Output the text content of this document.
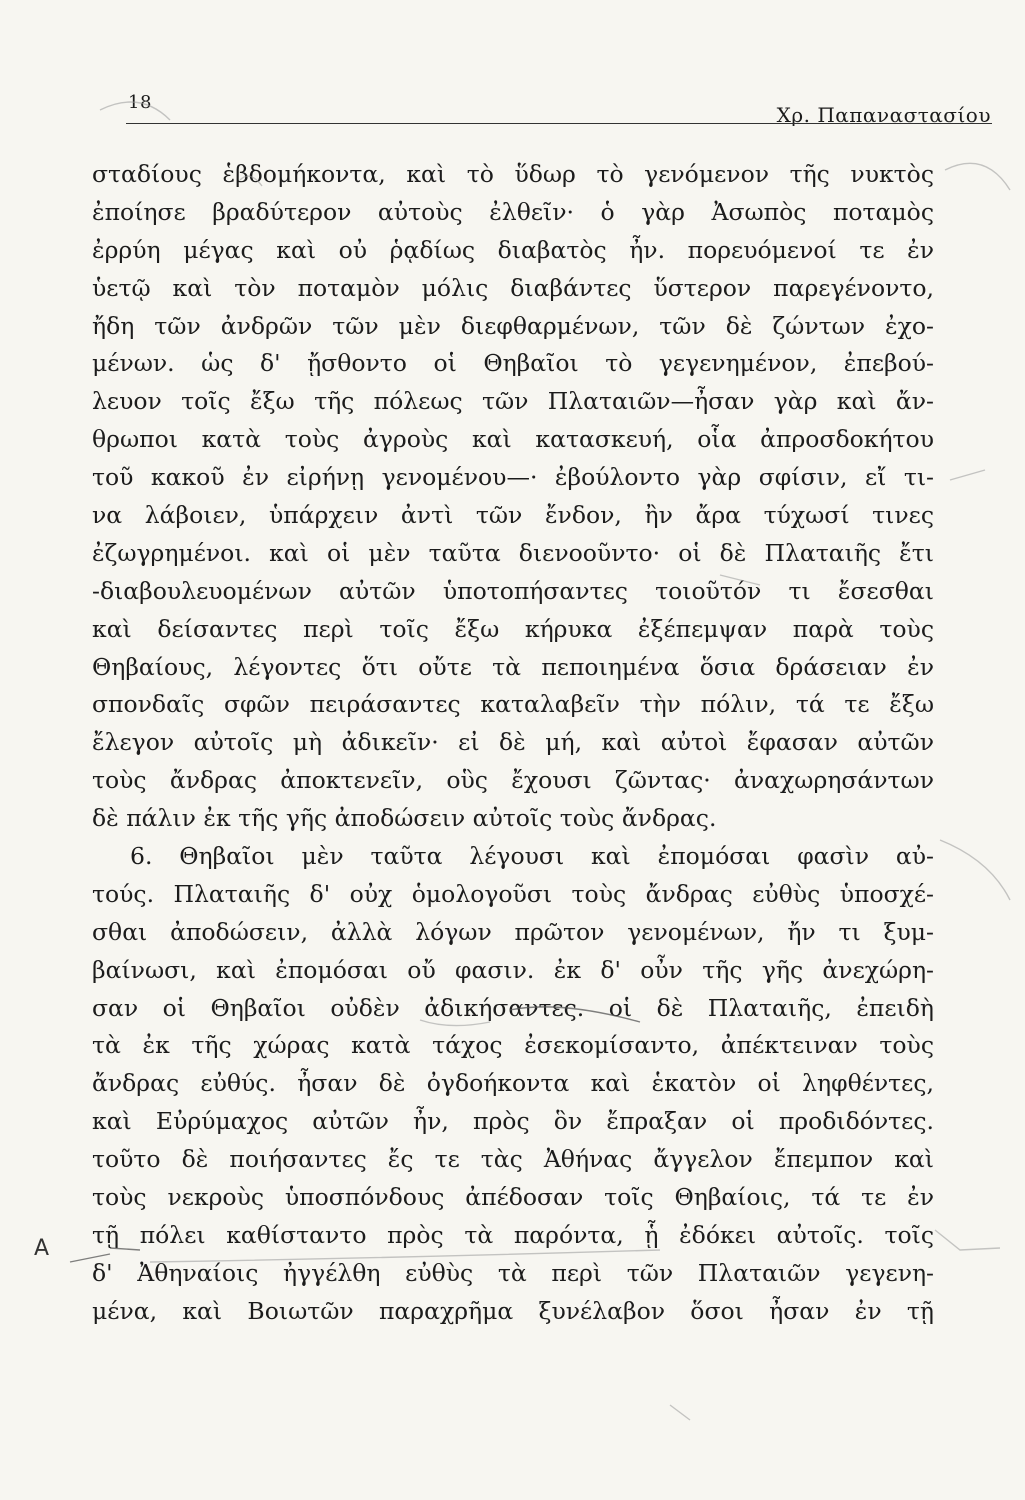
18
Χρ. Παπαναστασίου
σταδίους ἑβδομήκοντα, καὶ τὸ ὕδωρ τὸ γενόμενον τῆς νυκτὸς
ἐποίησε βραδύτερον αὐτοὺς ἐλθεῖν· ὁ γὰρ Ἀσωπὸς ποταμὸς
ἐρρύη μέγας καὶ οὐ ῥᾳδίως διαβατὸς ἦν. πορευόμενοί τε ἐν
ὑετῷ καὶ τὸν ποταμὸν μόλις διαβάντες ὕστερον παρεγένοντο,
ἤδη τῶν ἀνδρῶν τῶν μὲν διεφθαρμένων, τῶν δὲ ζώντων ἐχο-
μένων. ὡς δ' ᾔσθοντο οἱ Θηβαῖοι τὸ γεγενημένον, ἐπεβού-
λευον τοῖς ἔξω τῆς πόλεως τῶν Πλαταιῶν—ἦσαν γὰρ καὶ ἄν-
θρωποι κατὰ τοὺς ἀγροὺς καὶ κατασκευή, οἷα ἀπροσδοκήτου
τοῦ κακοῦ ἐν εἰρήνῃ γενομένου—· ἐβούλοντο γὰρ σφίσιν, εἴ τι-
να λάβοιεν, ὑπάρχειν ἀντὶ τῶν ἔνδον, ἢν ἄρα τύχωσί τινες
ἐζωγρημένοι. καὶ οἱ μὲν ταῦτα διενοοῦντο· οἱ δὲ Πλαταιῆς ἔτι
-διαβουλευομένων αὐτῶν ὑποτοπήσαντες τοιοῦτόν τι ἔσεσθαι
καὶ δείσαντες περὶ τοῖς ἔξω κήρυκα ἐξέπεμψαν παρὰ τοὺς
Θηβαίους, λέγοντες ὅτι οὔτε τὰ πεποιημένα ὅσια δράσειαν ἐν
σπονδαῖς σφῶν πειράσαντες καταλαβεῖν τὴν πόλιν, τά τε ἔξω
ἔλεγον αὐτοῖς μὴ ἀδικεῖν· εἰ δὲ μή, καὶ αὐτοὶ ἔφασαν αὐτῶν
τοὺς ἄνδρας ἀποκτενεῖν, οὓς ἔχουσι ζῶντας· ἀναχωρησάντων
δὲ πάλιν ἐκ τῆς γῆς ἀποδώσειν αὐτοῖς τοὺς ἄνδρας.
6. Θηβαῖοι μὲν ταῦτα λέγουσι καὶ ἐπομόσαι φασὶν αὐ-
τούς. Πλαταιῆς δ' οὐχ ὁμολογοῦσι τοὺς ἄνδρας εὐθὺς ὑποσχέ-
σθαι ἀποδώσειν, ἀλλὰ λόγων πρῶτον γενομένων, ἤν τι ξυμ-
βαίνωσι, καὶ ἐπομόσαι οὔ φασιν. ἐκ δ' οὖν τῆς γῆς ἀνεχώρη-
σαν οἱ Θηβαῖοι οὐδὲν ἀδικήσαντες. οἱ δὲ Πλαταιῆς, ἐπειδὴ
τὰ ἐκ τῆς χώρας κατὰ τάχος ἐσεκομίσαντο, ἀπέκτειναν τοὺς
ἄνδρας εὐθύς. ἦσαν δὲ ὀγδοήκοντα καὶ ἑκατὸν οἱ ληφθέντες,
καὶ Εὐρύμαχος αὐτῶν ἦν, πρὸς ὃν ἔπραξαν οἱ προδιδόντες.
τοῦτο δὲ ποιήσαντες ἔς τε τὰς Ἀθήνας ἄγγελον ἔπεμπον καὶ
τοὺς νεκροὺς ὑποσπόνδους ἀπέδοσαν τοῖς Θηβαίοις, τά τε ἐν
τῇ πόλει καθίσταντο πρὸς τὰ παρόντα, ᾗ ἐδόκει αὐτοῖς. τοῖς
δ' Ἀθηναίοις ἠγγέλθη εὐθὺς τὰ περὶ τῶν Πλαταιῶν γεγενη-
μένα, καὶ Βοιωτῶν παραχρῆμα ξυνέλαβον ὅσοι ἦσαν ἐν τῇ
A
